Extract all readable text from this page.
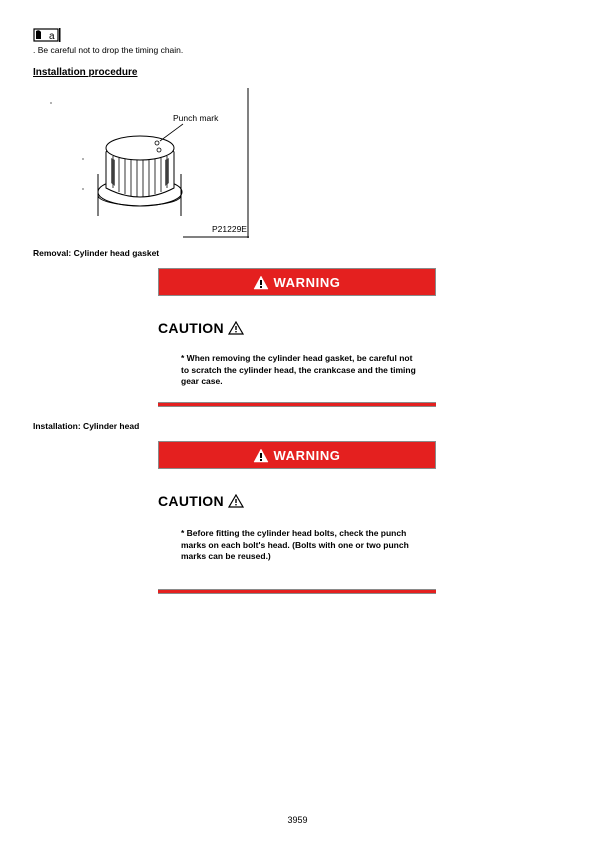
a
. Be careful not to drop the timing chain.
Installation procedure
Punch mark
P21229E
Removal: Cylinder head gasket
WARNING
CAUTION
* When removing the cylinder head gasket, be careful not
to scratch the cylinder head, the crankcase and the timing
gear case.
Installation: Cylinder head
WARNING
CAUTION
* Before fitting the cylinder head bolts, check the punch
marks on each bolt's head. (Bolts with one or two punch
marks can be reused.)
3959
